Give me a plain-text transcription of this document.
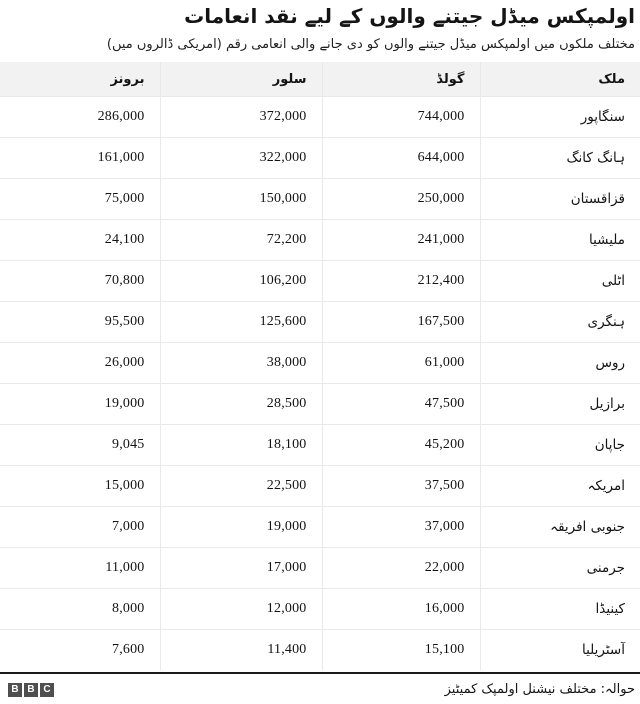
اولمپکس میڈل جیتنے والوں کے لیے نقد انعامات

مختلف ملکوں میں اولمپکس میڈل جیتنے والوں کو دی جانے والی انعامی رقم (امریکی ڈالروں میں)

ملک	گولڈ	سلور	برونز
سنگاپور	744,000	372,000	286,000
ہانگ کانگ	644,000	322,000	161,000
قزاقستان	250,000	150,000	75,000
ملیشیا	241,000	72,200	24,100
اٹلی	212,400	106,200	70,800
ہنگری	167,500	125,600	95,500
روس	61,000	38,000	26,000
برازیل	47,500	28,500	19,000
جاپان	45,200	18,100	9,045
امریکہ	37,500	22,500	15,000
جنوبی افریقہ	37,000	19,000	7,000
جرمنی	22,000	17,000	11,000
کینیڈا	16,000	12,000	8,000
آسٹریلیا	15,100	11,400	7,600
حوالہ: مختلف نیشنل اولمپک کمیٹیز
B B C
